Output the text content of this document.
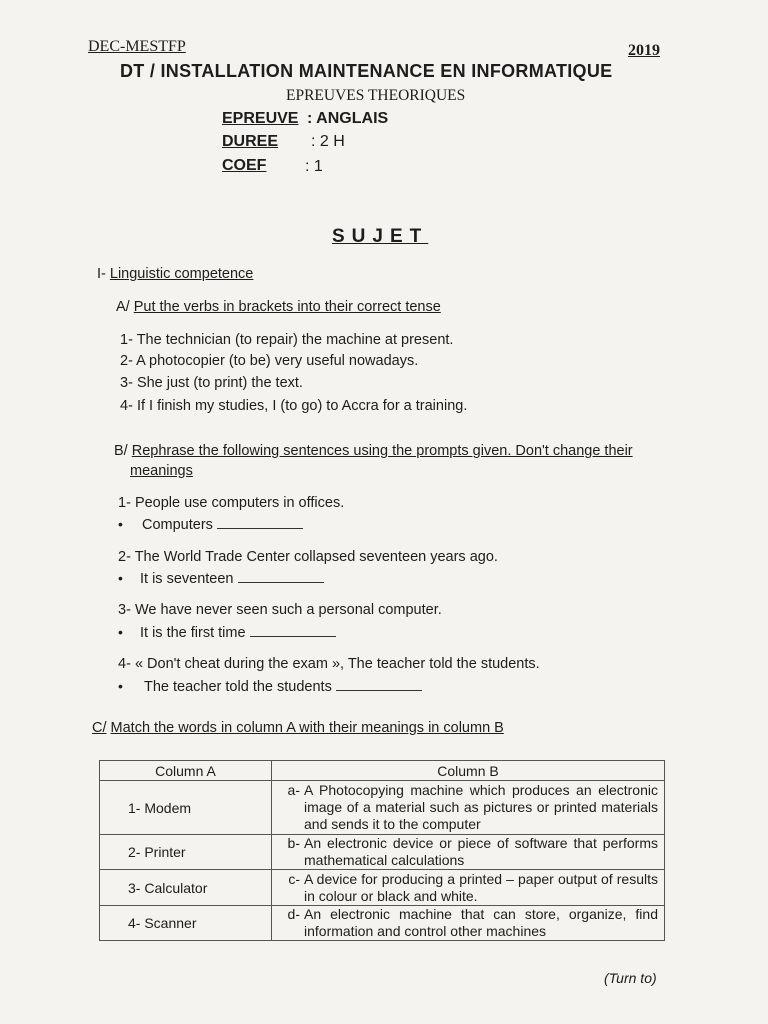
DEC-MESTFP	2019
DT / INSTALLATION MAINTENANCE EN INFORMATIQUE
EPREUVES THEORIQUES
EPREUVE : ANGLAIS
DUREE : 2 H
COEF : 1
SUJET
I- Linguistic competence
A/ Put the verbs in brackets into their correct tense
1- The technician (to repair) the machine at present.
2- A photocopier (to be) very useful nowadays.
3- She just (to print) the text.
4- If I finish my studies, I (to go) to Accra for a training.
B/ Rephrase the following sentences using the prompts given. Don't change their
meanings
1- People use computers in offices.
• Computers
2- The World Trade Center collapsed seventeen years ago.
• It is seventeen
3- We have never seen such a personal computer.
• It is the first time
4- « Don't cheat during the exam », The teacher told the students.
• The teacher told the students
C/ Match the words in column A with their meanings in column B
Column A	Column B
1- Modem	a- A Photocopying machine which produces an electronic image of a material such as pictures or printed materials and sends it to the computer

2- Printer	b- An electronic device or piece of software that performs mathematical calculations

3- Calculator	c- A device for producing a printed – paper output of results in colour or black and white.

4- Scanner	d- An electronic machine that can store, organize, find information and control other machines
(Turn to)
